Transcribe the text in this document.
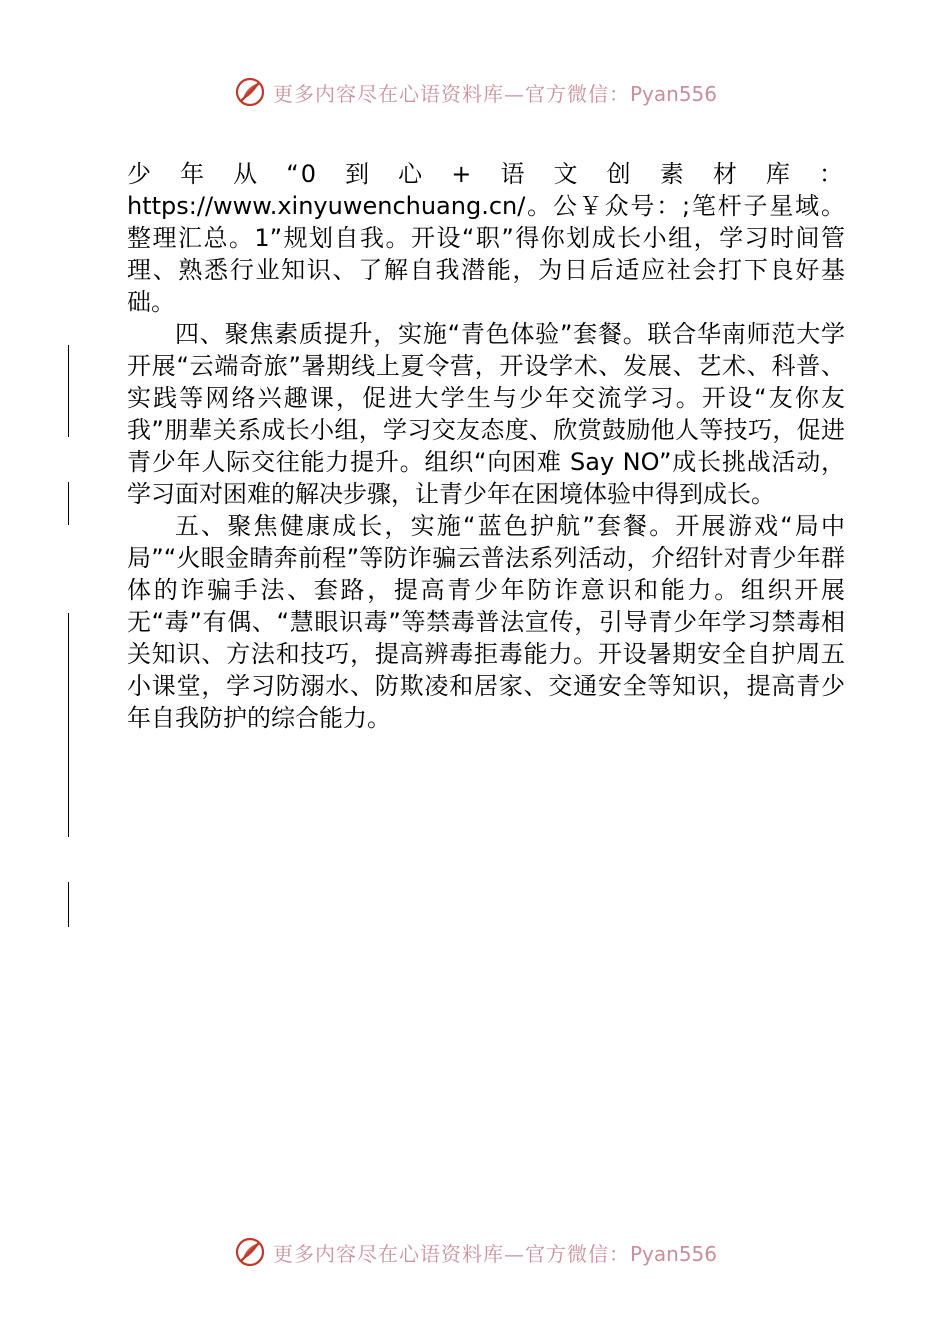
更多内容尽在心语资料库—官方微信：Pyan556

少年从“0到心+语文创素材库：
https://www.xinyuwenchuang.cn/。公￥众号：;笔杆子星域。整理汇总。1”规划自我。开设“职”得你划成长小组，学习时间管理、熟悉行业知识、了解自我潜能，为日后适应社会打下良好基础。

四、聚焦素质提升，实施“青色体验”套餐。联合华南师范大学开展“云端奇旅”暑期线上夏令营，开设学术、发展、艺术、科普、实践等网络兴趣课，促进大学生与少年交流学习。开设“友你友我”朋辈关系成长小组，学习交友态度、欣赏鼓励他人等技巧，促进青少年人际交往能力提升。组织“向困难 Say NO”成长挑战活动，学习面对困难的解决步骤，让青少年在困境体验中得到成长。

五、聚焦健康成长，实施“蓝色护航”套餐。开展游戏“局中局”“火眼金睛奔前程”等防诈骗云普法系列活动，介绍针对青少年群体的诈骗手法、套路，提高青少年防诈意识和能力。组织开展无“毒”有偶、“慧眼识毒”等禁毒普法宣传，引导青少年学习禁毒相关知识、方法和技巧，提高辨毒拒毒能力。开设暑期安全自护周五小课堂，学习防溺水、防欺凌和居家、交通安全等知识，提高青少年自我防护的综合能力。

更多内容尽在心语资料库—官方微信：Pyan556
